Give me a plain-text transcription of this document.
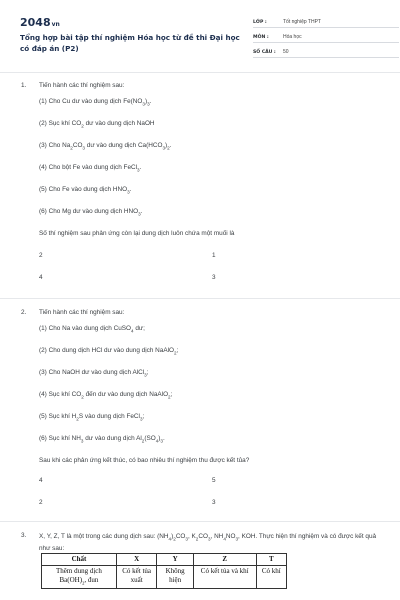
2048vn
Tổng hợp bài tập thí nghiệm Hóa học từ đề thi Đại học có đáp án (P2)
LỚP :	Tốt nghiệp THPT
MÔN :	Hóa học
SỐ CÂU :	50
1.	Tiến hành các thí nghiệm sau:
(1) Cho Cu dư vào dung dịch $Fe(NO_3)_3$.
(2) Sục khí $CO_2$ dư vào dung dịch NaOH
(3) Cho $Na_2CO_3$ dư vào dung dịch $Ca(HCO_3)_2$.
(4) Cho bột Fe vào dung dịch FeCl$_3$.
(5) Cho Fe vào dung dịch $HNO_3$.
(6) Cho Mg dư vào dung dịch $HNO_3$.
Số thí nghiệm sau phản ứng còn lại dung dịch luôn chứa một muối là
2	1
4	3
2.	Tiến hành các thí nghiệm sau:
(1) Cho Na vào dung dịch CuSO$_4$ dư;
(2) Cho dung dịch HCl dư vào dung dịch NaAlO$_2$;
(3) Cho NaOH dư vào dung dịch AlCl$_3$;
(4) Sục khí $CO_2$ đến dư vào dung dịch NaAlO$_2$;
(5) Sục khí $H_2S$ vào dung dịch FeCl$_3$;
(6) Sục khí $NH_3$ dư vào dung dịch $Al_2(SO_4)_3$.
Sau khi các phản ứng kết thúc, có bao nhiêu thí nghiệm thu được kết tủa?
4	5
2	3
3.	X, Y, Z, T là một trong các dung dịch sau: $(NH_4)_2CO_3$, $K_2CO_3$, $NH_4NO_3$, KOH. Thực hiện thí nghiệm và có được kết quả như sau:
Chất	X	Y	Z	T
Thêm dung dịch $Ba(OH)_2$, đun	Có kết tủa xuất	Không hiện	Có kết tủa và khí	Có khí
